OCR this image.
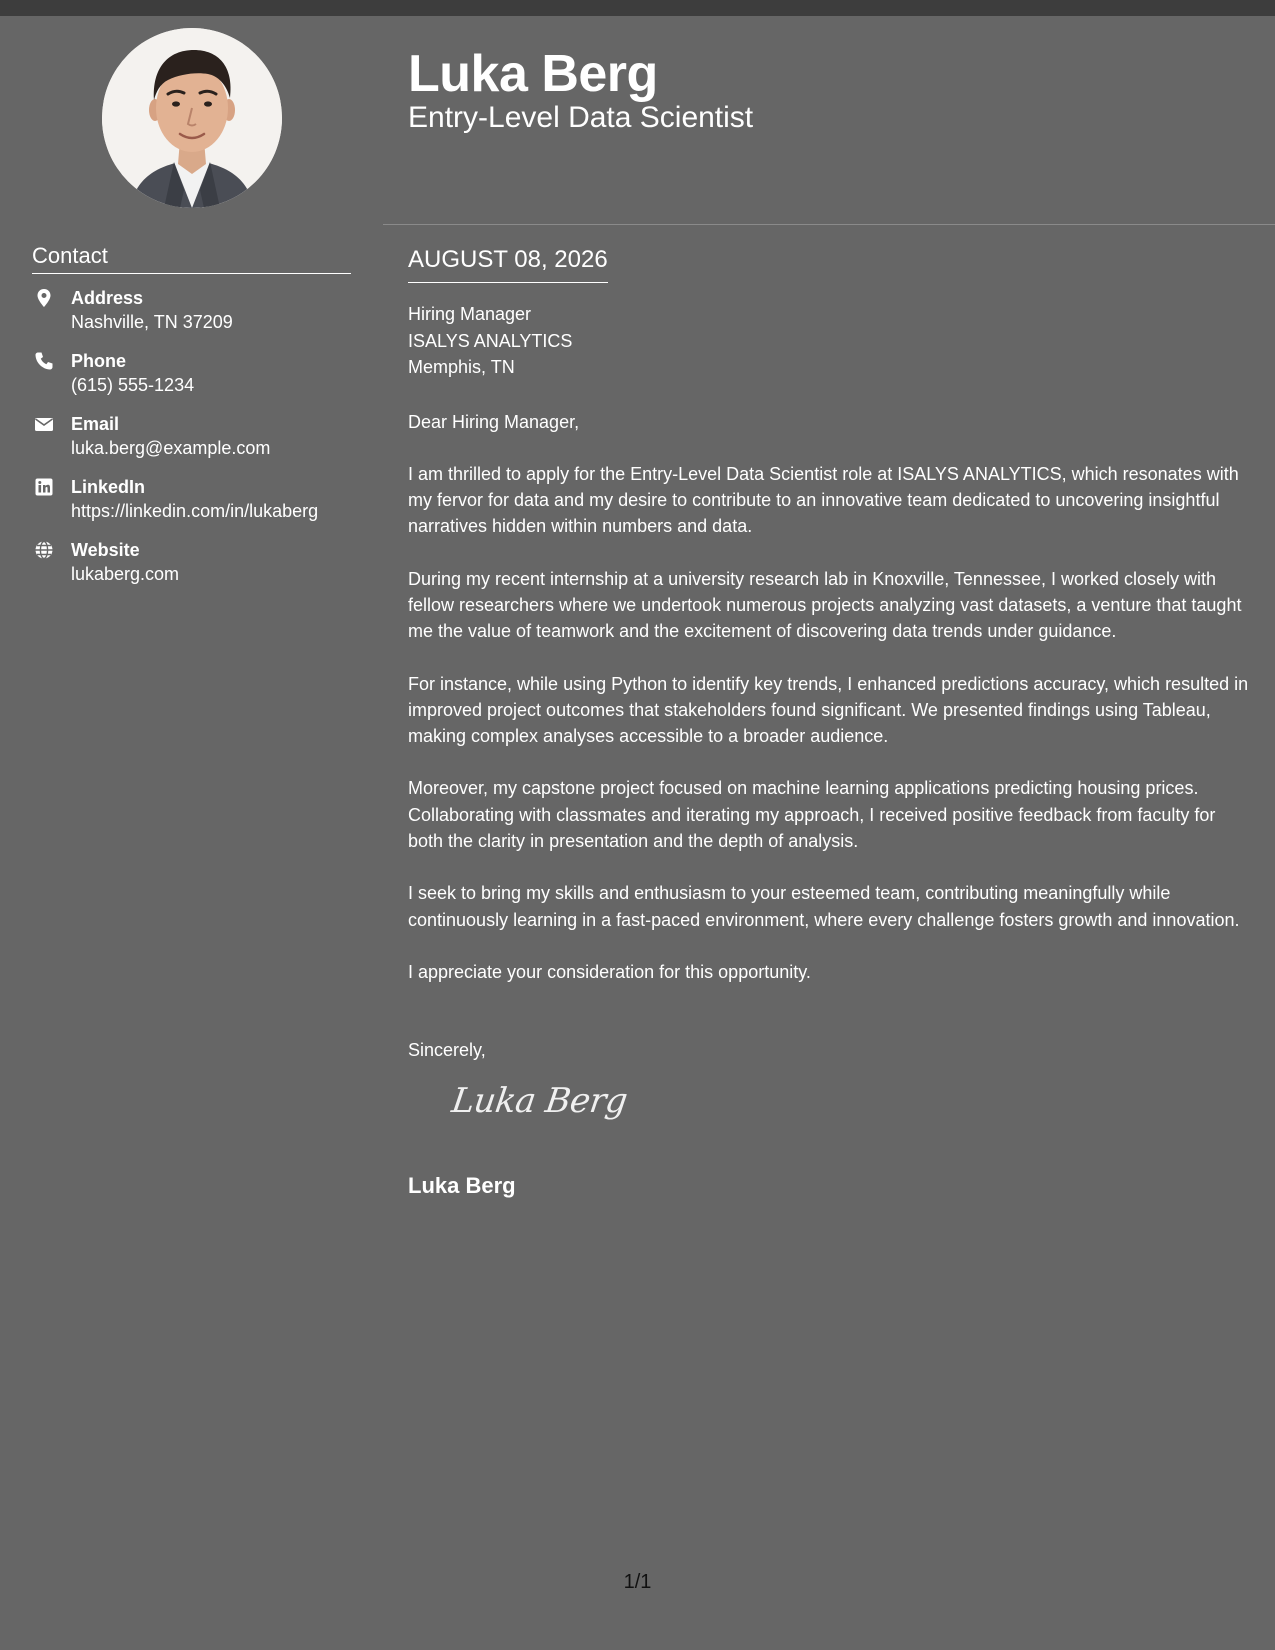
Contact
Address
Nashville, TN 37209
Phone
(615) 555-1234
Email
luka.berg@example.com
LinkedIn
https://linkedin.com/in/lukaberg
Website
lukaberg.com
Luka Berg
Entry-Level Data Scientist
AUGUST 08, 2026
Hiring Manager
ISALYS ANALYTICS
Memphis, TN
Dear Hiring Manager,

I am thrilled to apply for the Entry-Level Data Scientist role at ISALYS ANALYTICS, which resonates with my fervor for data and my desire to contribute to an innovative team dedicated to uncovering insightful narratives hidden within numbers and data.

During my recent internship at a university research lab in Knoxville, Tennessee, I worked closely with fellow researchers where we undertook numerous projects analyzing vast datasets, a venture that taught me the value of teamwork and the excitement of discovering data trends under guidance.

For instance, while using Python to identify key trends, I enhanced predictions accuracy, which resulted in improved project outcomes that stakeholders found significant. We presented findings using Tableau, making complex analyses accessible to a broader audience.

Moreover, my capstone project focused on machine learning applications predicting housing prices. Collaborating with classmates and iterating my approach, I received positive feedback from faculty for both the clarity in presentation and the depth of analysis.

I seek to bring my skills and enthusiasm to your esteemed team, contributing meaningfully while continuously learning in a fast-paced environment, where every challenge fosters growth and innovation.

I appreciate your consideration for this opportunity.

Sincerely,
Luka Berg
Luka Berg
1/1
